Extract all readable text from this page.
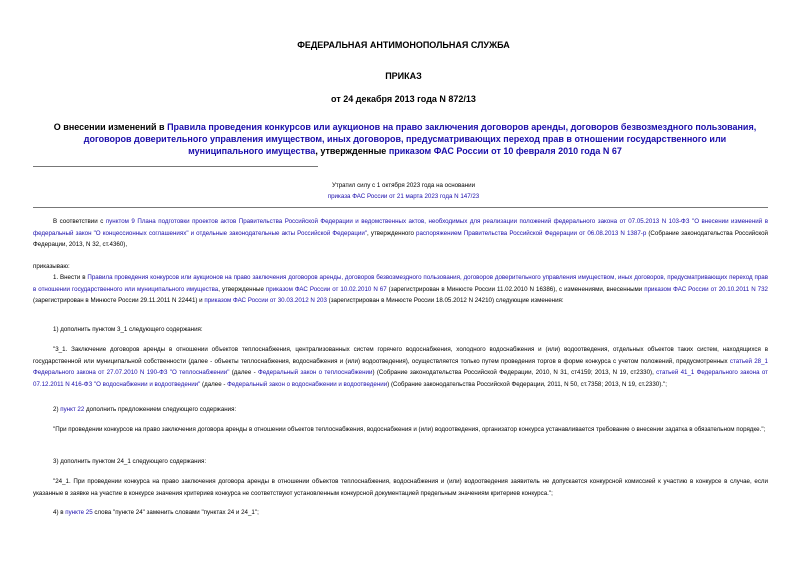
ФЕДЕРАЛЬНАЯ АНТИМОНОПОЛЬНАЯ СЛУЖБА
ПРИКАЗ
от 24 декабря 2013 года N 872/13
О внесении изменений в Правила проведения конкурсов или аукционов на право заключения договоров аренды, договоров безвозмездного пользования, договоров доверительного управления имуществом, иных договоров, предусматривающих переход прав в отношении государственного или муниципального имущества, утвержденные приказом ФАС России от 10 февраля 2010 года N 67
Утратил силу с 1 октября 2023 года на основании
приказа ФАС России от 21 марта 2023 года N 147/23
В соответствии с пунктом 9 Плана подготовки проектов актов Правительства Российской Федерации и ведомственных актов, необходимых для реализации положений федерального закона от 07.05.2013 N 103-ФЗ "О внесении изменений в федеральный закон "О концессионных соглашениях" и отдельные законодательные акты Российской Федерации", утвержденного распоряжением Правительства Российской Федерации от 06.08.2013 N 1387-р (Собрание законодательства Российской Федерации, 2013, N 32, ст.4360),
приказываю:
1. Внести в Правила проведения конкурсов или аукционов на право заключения договоров аренды, договоров безвозмездного пользования, договоров доверительного управления имуществом, иных договоров, предусматривающих переход прав в отношении государственного или муниципального имущества, утвержденные приказом ФАС России от 10.02.2010 N 67 (зарегистрирован в Минюсте России 11.02.2010 N 16386), с изменениями, внесенными приказом ФАС России от 20.10.2011 N 732 (зарегистрирован в Минюсте России 29.11.2011 N 22441) и приказом ФАС России от 30.03.2012 N 203 (зарегистрирован в Минюсте России 18.05.2012 N 24210) следующие изменения:
1) дополнить пунктом 3_1 следующего содержания:
"3_1. Заключение договоров аренды в отношении объектов теплоснабжения, централизованных систем горячего водоснабжения, холодного водоснабжения и (или) водоотведения, отдельных объектов таких систем, находящихся в государственной или муниципальной собственности (далее - объекты теплоснабжения, водоснабжения и (или) водоотведения), осуществляется только путем проведения торгов в форме конкурса с учетом положений, предусмотренных статьей 28_1 Федерального закона от 27.07.2010 N 190-ФЗ "О теплоснабжении" (далее - Федеральный закон о теплоснабжении) (Собрание законодательства Российской Федерации, 2010, N 31, ст4159; 2013, N 19, ст2330), статьей 41_1 Федерального закона от 07.12.2011 N 416-ФЗ "О водоснабжении и водоотведении" (далее - Федеральный закон о водоснабжении и водоотведении) (Собрание законодательства Российской Федерации, 2011, N 50, ст.7358; 2013, N 19, ст.2330).";
2) пункт 22 дополнить предложением следующего содержания:
"При проведении конкурсов на право заключения договора аренды в отношении объектов теплоснабжения, водоснабжения и (или) водоотведения, организатор конкурса устанавливается требование о внесении задатка в обязательном порядке.";
3) дополнить пунктом 24_1 следующего содержания:
"24_1. При проведении конкурса на право заключения договора аренды в отношении объектов теплоснабжения, водоснабжения и (или) водоотведения заявитель не допускается конкурсной комиссией к участию в конкурсе в случае, если указанные в заявке на участие в конкурсе значения критериев конкурса не соответствуют установленным конкурсной документацией предельным значениям критериев конкурса.";
4) в пункте 25 слова "пункте 24" заменить словами "пунктах 24 и 24_1";
